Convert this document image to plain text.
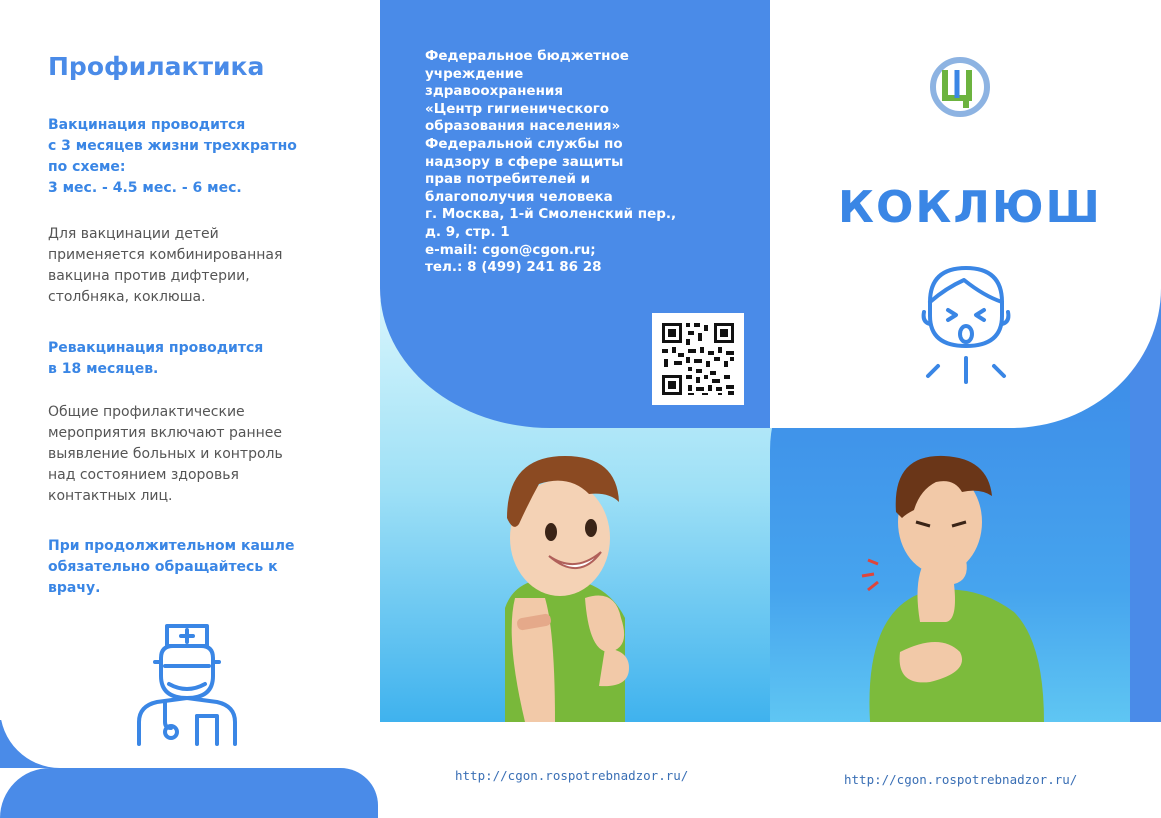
Профилактика
Вакцинация проводится
с 3 месяцев жизни трехкратно
по схеме:
3 мес. - 4.5 мес. - 6 мес.
Для вакцинации детей
применяется комбинированная
вакцина против дифтерии,
столбняка, коклюша.
Ревакцинация проводится
в 18 месяцев.
Общие профилактические
мероприятия включают раннее
выявление больных и контроль
над состоянием здоровья
контактных лиц.
При продолжительном кашле
обязательно обращайтесь к
врачу.
Федеральное бюджетное
учреждение
здравоохранения
«Центр гигиенического
образования населения»
Федеральной службы по
надзору в сфере защиты
прав потребителей и
благополучия человека
г. Москва, 1-й Смоленский пер.,
д. 9, стр. 1
e-mail: cgon@cgon.ru;
тел.: 8 (499) 241 86 28
КОКЛЮШ
http://cgon.rospotrebnadzor.ru/	http://cgon.rospotrebnadzor.ru/
